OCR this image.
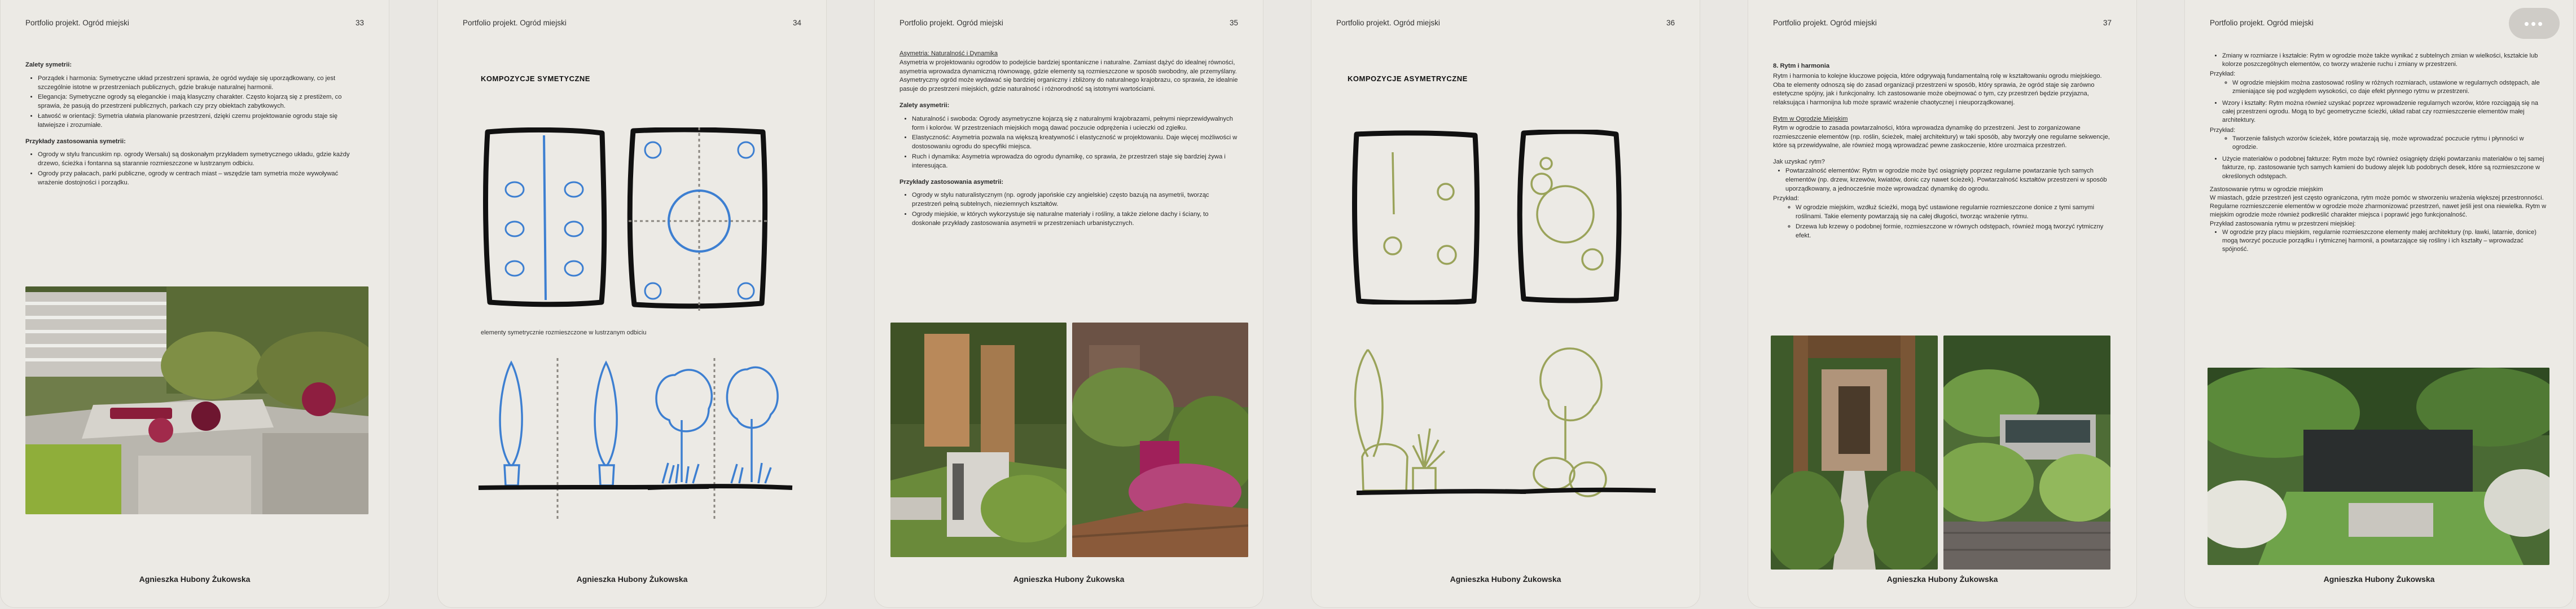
Portfolio projekt. Ogród miejski	33

Zalety symetrii:

• Porządek i harmonia: Symetryczne układ przestrzeni sprawia, że ogród wydaje się uporządkowany, co jest szczególnie istotne w przestrzeniach publicznych, gdzie brakuje naturalnej harmonii.
• Elegancja: Symetryczne ogrody są eleganckie i mają klasyczny charakter. Często kojarzą się z prestiżem, co sprawia, że pasują do przestrzeni publicznych, parkach czy przy obiektach zabytkowych.
• Łatwość w orientacji: Symetria ułatwia planowanie przestrzeni, dzięki czemu projektowanie ogrodu staje się łatwiejsze i zrozumiałe.

Przykłady zastosowania symetrii:

• Ogrody w stylu francuskim np. ogrody Wersalu) są doskonałym przykładem symetrycznego układu, gdzie każdy drzewo, ścieżka i fontanna są starannie rozmieszczone w lustrzanym odbiciu.
• Ogrody przy pałacach, parki publiczne, ogrody w centrach miast – wszędzie tam symetria może wywoływać wrażenie dostojności i porządku.
Agnieszka Hubony Żukowska
Portfolio projekt. Ogród miejski	34
KOMPOZYCJE SYMETYCZNE
elementy symetrycznie rozmieszczone w lustrzanym odbiciu
Agnieszka Hubony Żukowska
Portfolio projekt. Ogród miejski	35

Asymetria: Naturalność i Dynamika

Asymetria w projektowaniu ogrodów to podejście bardziej spontaniczne i naturalne. Zamiast dążyć do idealnej równości, asymetria wprowadza dynamiczną równowagę, gdzie elementy są rozmieszczone w sposób swobodny, ale przemyślany. Asymetryczny ogród może wydawać się bardziej organiczny i zbliżony do naturalnego krajobrazu, co sprawia, że idealnie pasuje do przestrzeni miejskich, gdzie naturalność i różnorodność są istotnymi wartościami.

Zalety asymetrii:

• Naturalność i swoboda: Ogrody asymetryczne kojarzą się z naturalnymi krajobrazami, pełnymi nieprzewidywalnych form i kolorów. W przestrzeniach miejskich mogą dawać poczucie odprężenia i ucieczki od zgiełku.
• Elastyczność: Asymetria pozwala na większą kreatywność i elastyczność w projektowaniu. Daje więcej możliwości w dostosowaniu ogrodu do specyfiki miejsca.
• Ruch i dynamika: Asymetria wprowadza do ogrodu dynamikę, co sprawia, że przestrzeń staje się bardziej żywa i interesująca.

Przykłady zastosowania asymetrii:

• Ogrody w stylu naturalistycznym (np. ogrody japońskie czy angielskie) często bazują na asymetrii, tworząc przestrzeń pełną subtelnych, nieziemnych kształtów.
• Ogrody miejskie, w których wykorzystuje się naturalne materiały i rośliny, a także zielone dachy i ściany, to doskonałe przykłady zastosowania asymetrii w przestrzeniach urbanistycznych.
Agnieszka Hubony Żukowska
Portfolio projekt. Ogród miejski	36
KOMPOZYCJE ASYMETRYCZNE
Agnieszka Hubony Żukowska
Portfolio projekt. Ogród miejski	37

8. Rytm i harmonia

Rytm i harmonia to kolejne kluczowe pojęcia, które odgrywają fundamentalną rolę w kształtowaniu ogrodu miejskiego. Oba te elementy odnoszą się do zasad organizacji przestrzeni w sposób, który sprawia, że ogród staje się zarówno estetyczne spójny, jak i funkcjonalny. Ich zastosowanie może obejmować o tym, czy przestrzeń będzie przyjazna, relaksująca i harmonijna lub może sprawić wrażenie chaotycznej i nieuporządkowanej.

Rytm w Ogrodzie Miejskim

Rytm w ogrodzie to zasada powtarzalności, która wprowadza dynamikę do przestrzeni. Jest to zorganizowane rozmieszczenie elementów (np. roślin, ścieżek, małej architektury) w taki sposób, aby tworzyły one regularne sekwencje, które są przewidywalne, ale również mogą wprowadzać pewne zaskoczenie, które urozmaica przestrzeń.

Jak uzyskać rytm?

• Powtarzalność elementów: Rytm w ogrodzie może być osiągnięty poprzez regularne powtarzanie tych samych elementów (np. drzew, krzewów, kwiatów, donic czy nawet ścieżek). Powtarzalność kształtów przestrzeni w sposób uporządkowany, a jednocześnie może wprowadzać dynamikę do ogrodu.

Przykład:

◦ W ogrodzie miejskim, wzdłuż ścieżki, mogą być ustawione regularnie rozmieszczone donice z tymi samymi roślinami. Takie elementy powtarzają się na całej długości, tworząc wrażenie rytmu.
◦ Drzewa lub krzewy o podobnej formie, rozmieszczone w równych odstępach, również mogą tworzyć rytmiczny efekt.
Agnieszka Hubony Żukowska
Portfolio projekt. Ogród miejski
• Zmiany w rozmiarze i kształcie: Rytm w ogrodzie może także wynikać z subtelnych zmian w wielkości, kształcie lub kolorze poszczególnych elementów, co tworzy wrażenie ruchu i zmiany w przestrzeni.

Przykład:

◦ W ogrodzie miejskim można zastosować rośliny w różnych rozmiarach, ustawione w regularnych odstępach, ale zmieniające się pod względem wysokości, co daje efekt płynnego rytmu w przestrzeni.
• Wzory i kształty: Rytm można również uzyskać poprzez wprowadzenie regularnych wzorów, które rozciągają się na całej przestrzeni ogrodu. Mogą to być geometryczne ścieżki, układ rabat czy rozmieszczenie elementów małej architektury.

Przykład:

◦ Tworzenie falistych wzorów ścieżek, które powtarzają się, może wprowadzać poczucie rytmu i płynności w ogrodzie.
• Użycie materiałów o podobnej fakturze: Rytm może być również osiągnięty dzięki powtarzaniu materiałów o tej samej fakturze, np. zastosowanie tych samych kamieni do budowy alejek lub podobnych desek, które są rozmieszczone w określonych odstępach.

Zastosowanie rytmu w ogrodzie miejskim
W miastach, gdzie przestrzeń jest często ograniczona, rytm może pomóc w stworzeniu wrażenia większej przestronności. Regularne rozmieszczenie elementów w ogrodzie może zharmonizować przestrzeń, nawet jeśli jest ona niewielka. Rytm w miejskim ogrodzie może również podkreślić charakter miejsca i poprawić jego funkcjonalność.
Przykład zastosowania rytmu w przestrzeni miejskiej:

• W ogrodzie przy placu miejskim, regularnie rozmieszczone elementy małej architektury (np. ławki, latarnie, donice) mogą tworzyć poczucie porządku i rytmicznej harmonii, a powtarzające się rośliny i ich kształty – wprowadzać spójność.
Agnieszka Hubony Żukowska
•••
